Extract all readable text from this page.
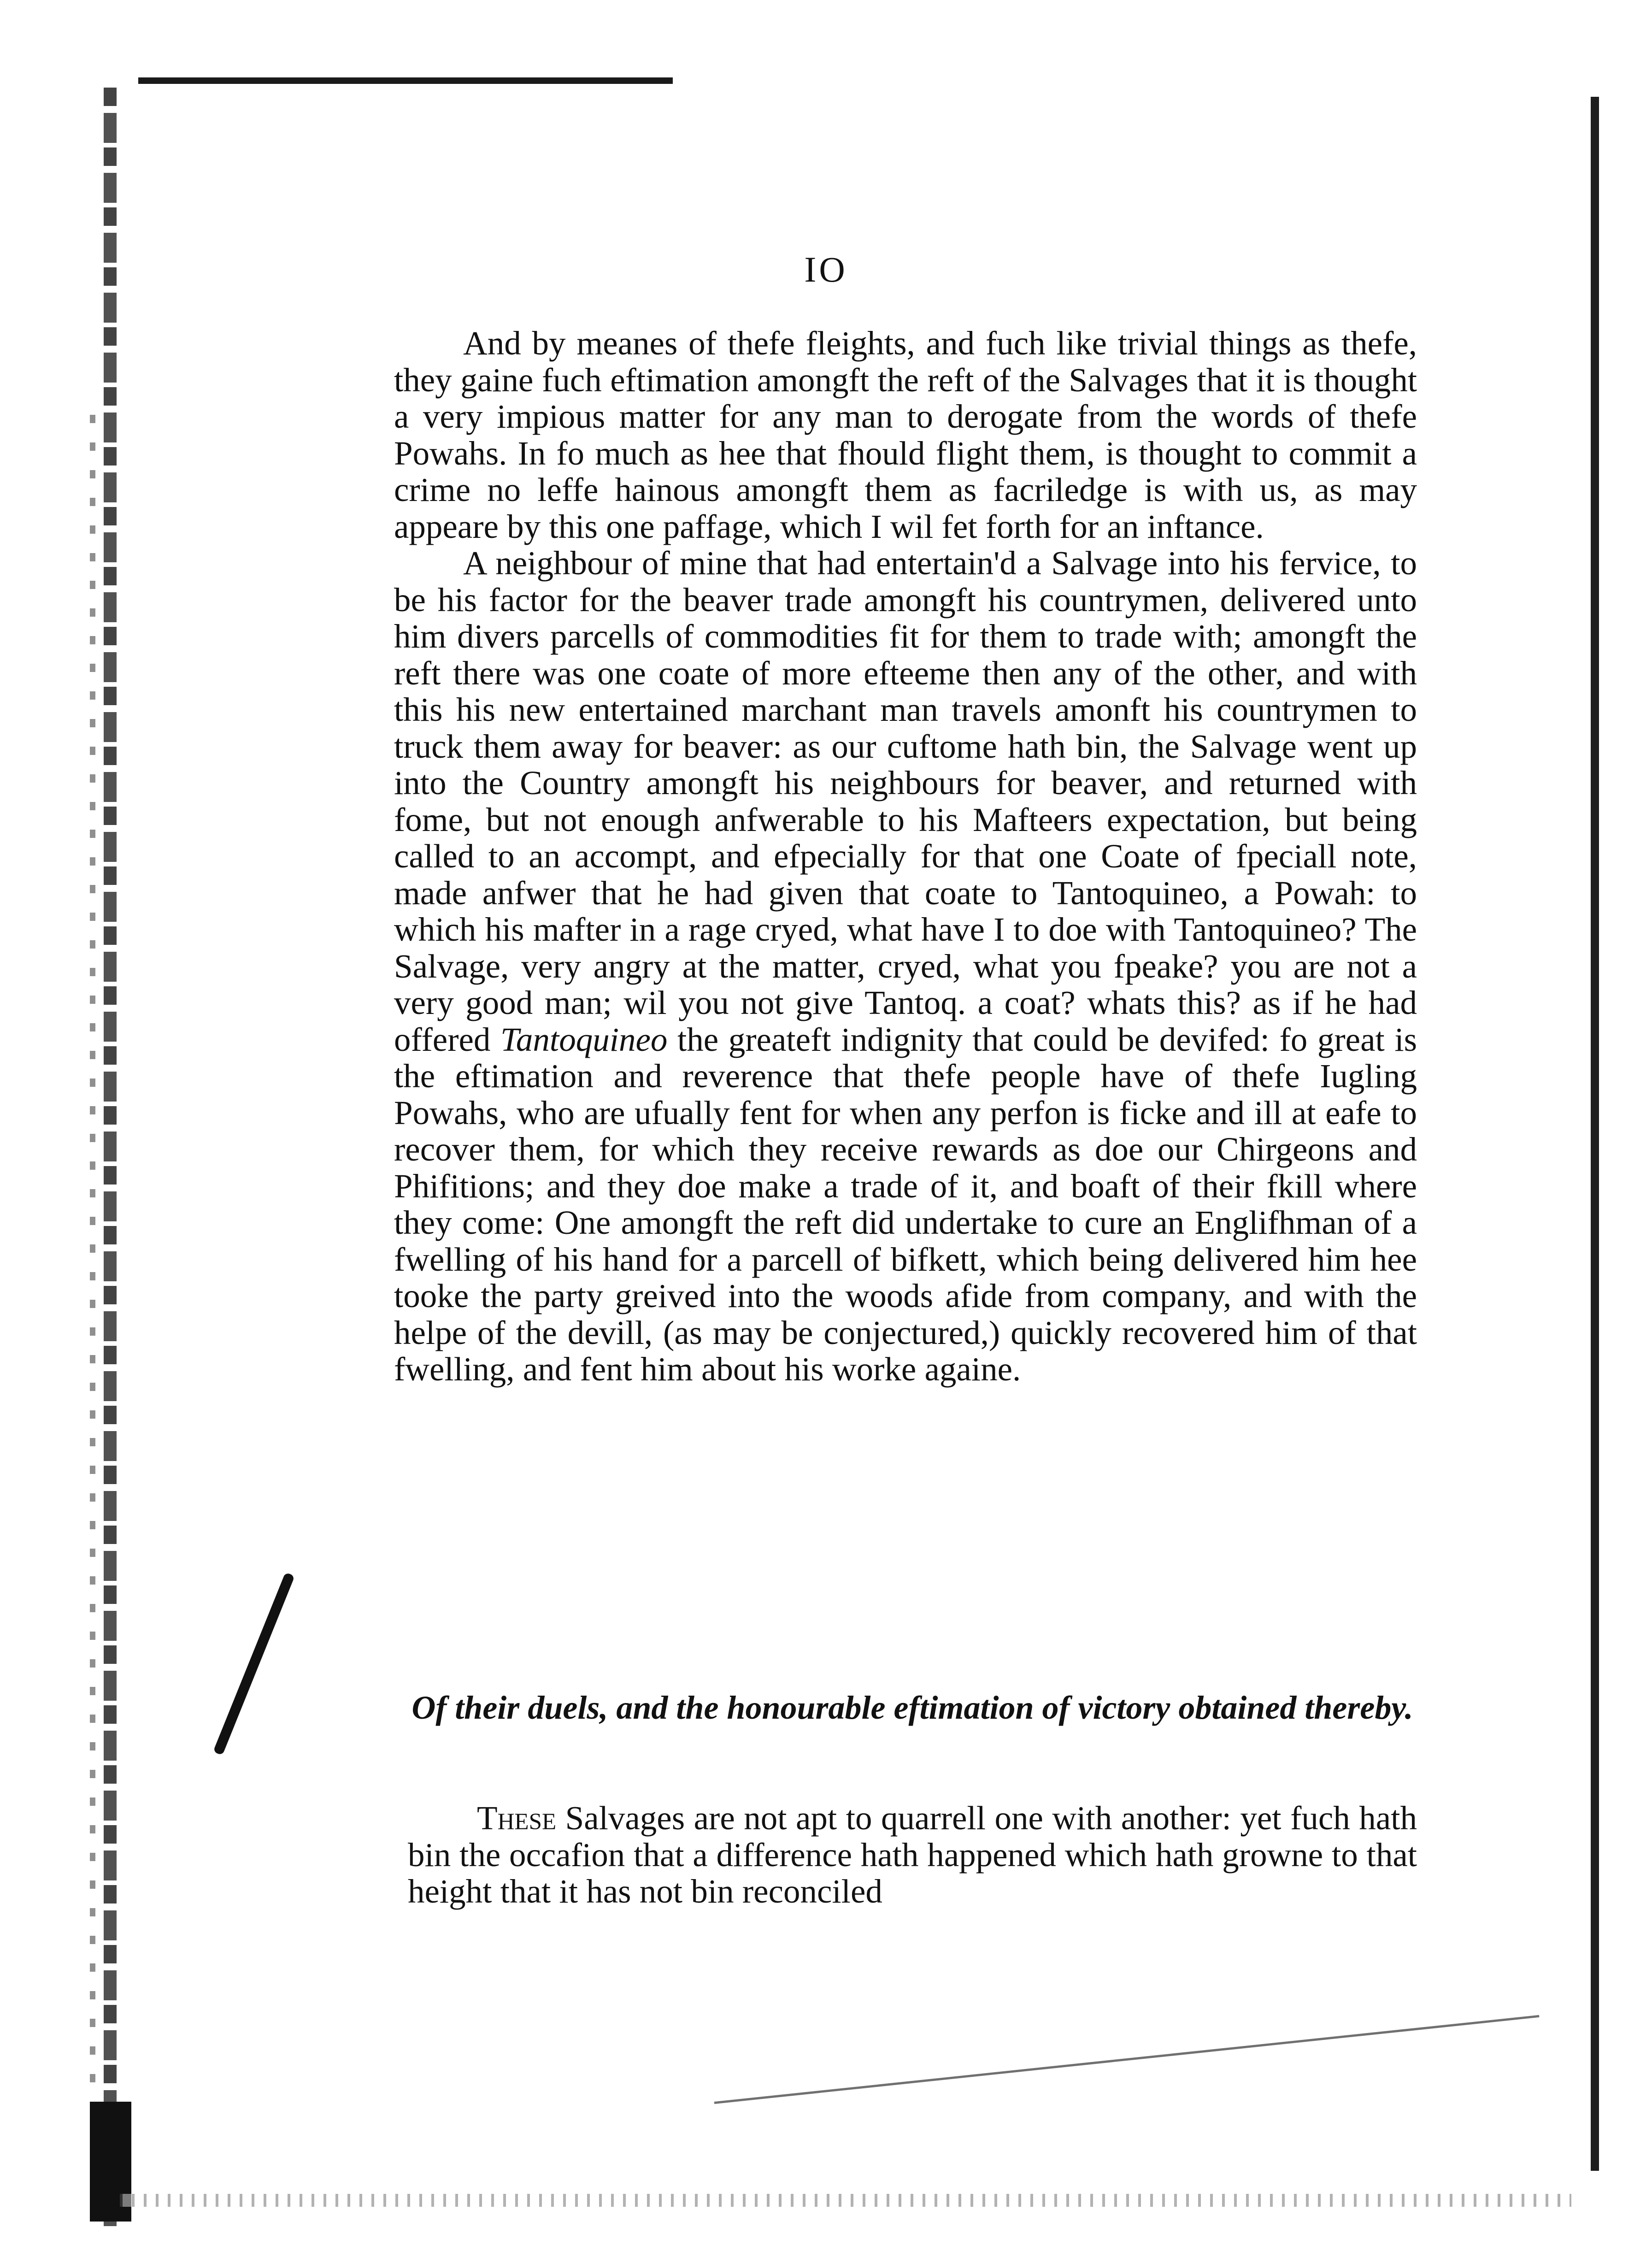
IO

And by meanes of thefe fleights, and fuch like trivial things as thefe, they gaine fuch eftimation amongft the reft of the Salvages that it is thought a very impious matter for any man to derogate from the words of thefe Powahs. In fo much as hee that fhould flight them, is thought to commit a crime no leffe hainous amongft them as facriledge is with us, as may appeare by this one paffage, which I wil fet forth for an inftance.

A neighbour of mine that had entertain'd a Salvage into his fervice, to be his factor for the beaver trade amongft his countrymen, delivered unto him divers parcells of commodities fit for them to trade with; amongft the reft there was one coate of more efteeme then any of the other, and with this his new entertained marchant man travels amonft his countrymen to truck them away for beaver: as our cuftome hath bin, the Salvage went up into the Country amongft his neighbours for beaver, and returned with fome, but not enough anfwerable to his Mafteers expectation, but being called to an accompt, and efpecially for that one Coate of fpeciall note, made anfwer that he had given that coate to Tantoquineo, a Powah: to which his mafter in a rage cryed, what have I to doe with Tantoquineo? The Salvage, very angry at the matter, cryed, what you fpeake? you are not a very good man; wil you not give Tantoq. a coat? whats this? as if he had offered Tantoquineo the greateft indignity that could be devifed: fo great is the eftimation and reverence that thefe people have of thefe Iugling Powahs, who are ufually fent for when any perfon is ficke and ill at eafe to recover them, for which they receive rewards as doe our Chirgeons and Phifitions; and they doe make a trade of it, and boaft of their fkill where they come: One amongft the reft did undertake to cure an Englifhman of a fwelling of his hand for a parcell of bifkett, which being delivered him hee tooke the party greived into the woods afide from company, and with the helpe of the devill, (as may be conjectured,) quickly recovered him of that fwelling, and fent him about his worke againe.

Of their duels, and the honourable eftimation of victory obtained thereby.

These Salvages are not apt to quarrell one with another: yet fuch hath bin the occafion that a difference hath happened which hath growne to that height that it has not bin reconciled
